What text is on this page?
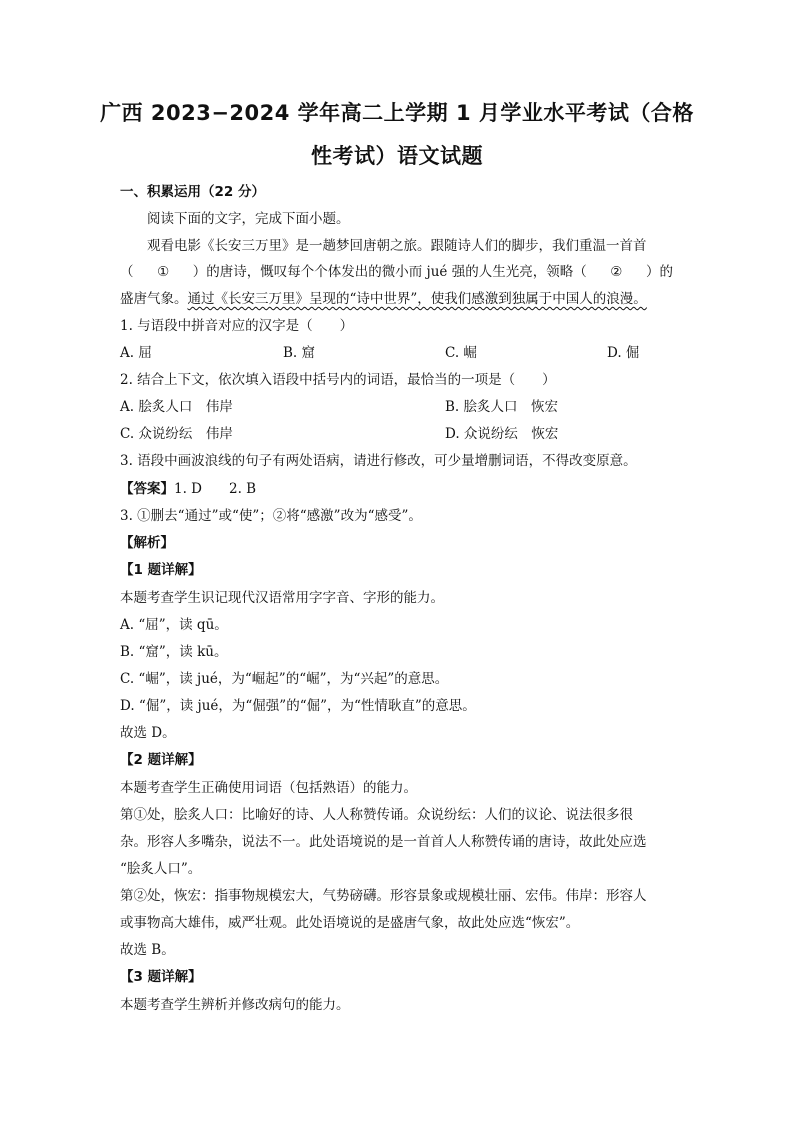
广西 2023−2024 学年高二上学期 1 月学业水平考试（合格
性考试）语文试题
一、积累运用（22 分）
阅读下面的文字，完成下面小题。
观看电影《长安三万里》是一趟梦回唐朝之旅。跟随诗人们的脚步，我们重温一首首
（ ① ）的唐诗，慨叹每个个体发出的微小而 jué 强的人生光亮，领略（ ② ）的
盛唐气象。通过《长安三万里》呈现的“诗中世界”，使我们感激到独属于中国人的浪漫。
1. 与语段中拼音对应的汉字是（　　）
A. 屈	B. 窟	C. 崛	D. 倔
2. 结合上下文，依次填入语段中括号内的词语，最恰当的一项是（　　）
A. 脍炙人口　伟岸	B. 脍炙人口　恢宏
C. 众说纷纭　伟岸	D. 众说纷纭　恢宏
3. 语段中画波浪线的句子有两处语病，请进行修改，可少量增删词语，不得改变原意。
【答案】1. D　　2. B
3. ①删去“通过”或“使”；②将“感激”改为“感受”。
【解析】
【1 题详解】
本题考查学生识记现代汉语常用字字音、字形的能力。
A. “屈”，读 qū。
B. “窟”，读 kū。
C. “崛”，读 jué，为“崛起”的“崛”，为“兴起”的意思。
D. “倔”，读 jué，为“倔强”的“倔”，为“性情耿直”的意思。
故选 D。
【2 题详解】
本题考查学生正确使用词语（包括熟语）的能力。
第①处，脍炙人口：比喻好的诗、人人称赞传诵。众说纷纭：人们的议论、说法很多很
杂。形容人多嘴杂，说法不一。此处语境说的是一首首人人称赞传诵的唐诗，故此处应选
“脍炙人口”。
第②处，恢宏：指事物规模宏大，气势磅礴。形容景象或规模壮丽、宏伟。伟岸：形容人
或事物高大雄伟，威严壮观。此处语境说的是盛唐气象，故此处应选“恢宏”。
故选 B。
【3 题详解】
本题考查学生辨析并修改病句的能力。
